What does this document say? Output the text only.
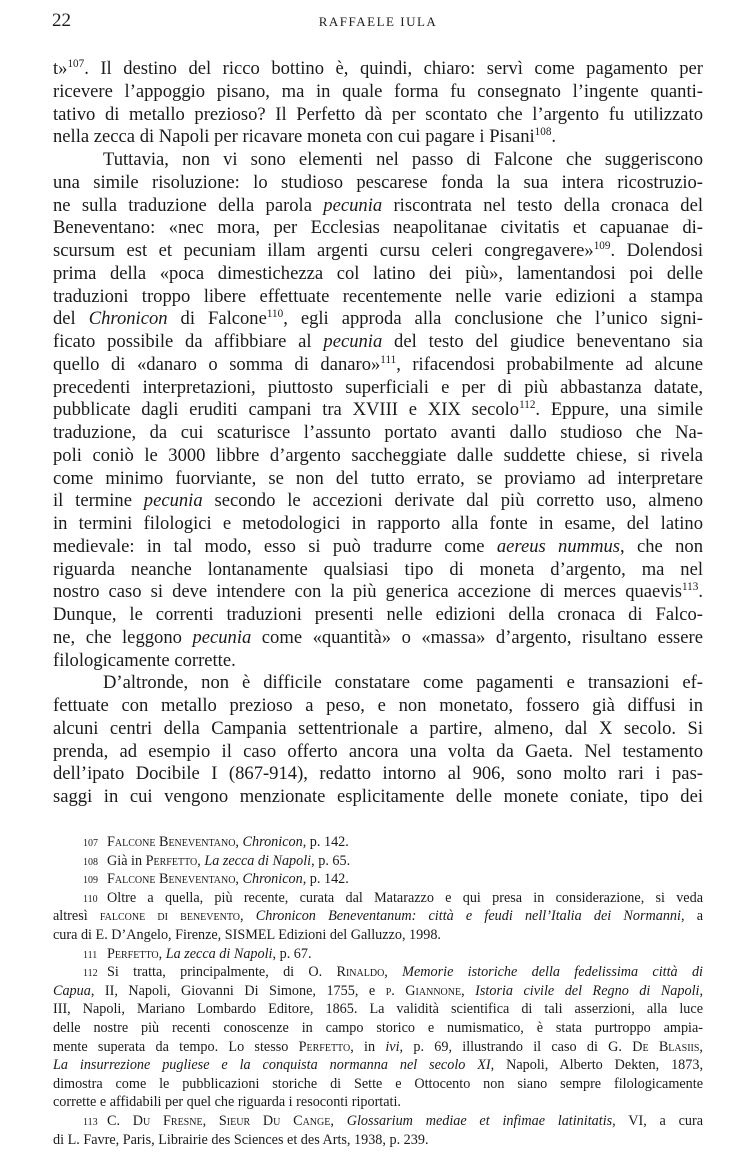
22	RAFFAELE IULA
t»$^{107}$. Il destino del ricco bottino è, quindi, chiaro: servì come pagamento per
ricevere l’appoggio pisano, ma in quale forma fu consegnato l’ingente quanti-
tativo di metallo prezioso? Il Perfetto dà per scontato che l’argento fu utilizzato
nella zecca di Napoli per ricavare moneta con cui pagare i Pisani$^{108}$.
Tuttavia, non vi sono elementi nel passo di Falcone che suggeriscono
una simile risoluzione: lo studioso pescarese fonda la sua intera ricostruzio-
ne sulla traduzione della parola pecunia riscontrata nel testo della cronaca del
Beneventano: «nec mora, per Ecclesias neapolitanae civitatis et capuanae di-
scursum est et pecuniam illam argenti cursu celeri congregavere»$^{109}$. Dolendosi
prima della «poca dimestichezza col latino dei più», lamentandosi poi delle
traduzioni troppo libere effettuate recentemente nelle varie edizioni a stampa
del Chronicon di Falcone$^{110}$, egli approda alla conclusione che l’unico signi-
ficato possibile da affibbiare al pecunia del testo del giudice beneventano sia
quello di «danaro o somma di danaro»$^{111}$, rifacendosi probabilmente ad alcune
precedenti interpretazioni, piuttosto superficiali e per di più abbastanza datate,
pubblicate dagli eruditi campani tra XVIII e XIX secolo$^{112}$. Eppure, una simile
traduzione, da cui scaturisce l’assunto portato avanti dallo studioso che Na-
poli coniò le 3000 libbre d’argento saccheggiate dalle suddette chiese, si rivela
come minimo fuorviante, se non del tutto errato, se proviamo ad interpretare
il termine pecunia secondo le accezioni derivate dal più corretto uso, almeno
in termini filologici e metodologici in rapporto alla fonte in esame, del latino
medievale: in tal modo, esso si può tradurre come aereus nummus, che non
riguarda neanche lontanamente qualsiasi tipo di moneta d’argento, ma nel
nostro caso si deve intendere con la più generica accezione di merces quaevis$^{113}$.
Dunque, le correnti traduzioni presenti nelle edizioni della cronaca di Falco-
ne, che leggono pecunia come «quantità» o «massa» d’argento, risultano essere
filologicamente corrette.
D’altronde, non è difficile constatare come pagamenti e transazioni ef-
fettuate con metallo prezioso a peso, e non monetato, fossero già diffusi in
alcuni centri della Campania settentrionale a partire, almeno, dal X secolo. Si
prenda, ad esempio il caso offerto ancora una volta da Gaeta. Nel testamento
dell’ipato Docibile I (867-914), redatto intorno al 906, sono molto rari i pas-
saggi in cui vengono menzionate esplicitamente delle monete coniate, tipo dei
107 Falcone Beneventano, Chronicon, p. 142.
108 Già in Perfetto, La zecca di Napoli, p. 65.
109 Falcone Beneventano, Chronicon, p. 142.
110 Oltre a quella, più recente, curata dal Matarazzo e qui presa in considerazione, si veda
altresì falcone di benevento, Chronicon Beneventanum: città e feudi nell’Italia dei Normanni, a
cura di E. D’Angelo, Firenze, SISMEL Edizioni del Galluzzo, 1998.
111 Perfetto, La zecca di Napoli, p. 67.
112 Si tratta, principalmente, di O. Rinaldo, Memorie istoriche della fedelissima città di
Capua, II, Napoli, Giovanni Di Simone, 1755, e p. Giannone, Istoria civile del Regno di Napoli,
III, Napoli, Mariano Lombardo Editore, 1865. La validità scientifica di tali asserzioni, alla luce
delle nostre più recenti conoscenze in campo storico e numismatico, è stata purtroppo ampia-
mente superata da tempo. Lo stesso Perfetto, in ivi, p. 69, illustrando il caso di G. De Blasiis,
La insurrezione pugliese e la conquista normanna nel secolo XI, Napoli, Alberto Dekten, 1873,
dimostra come le pubblicazioni storiche di Sette e Ottocento non siano sempre filologicamente
corrette e affidabili per quel che riguarda i resoconti riportati.
113 C. Du Fresne, Sieur Du Cange, Glossarium mediae et infimae latinitatis, VI, a cura
di L. Favre, Paris, Librairie des Sciences et des Arts, 1938, p. 239.
